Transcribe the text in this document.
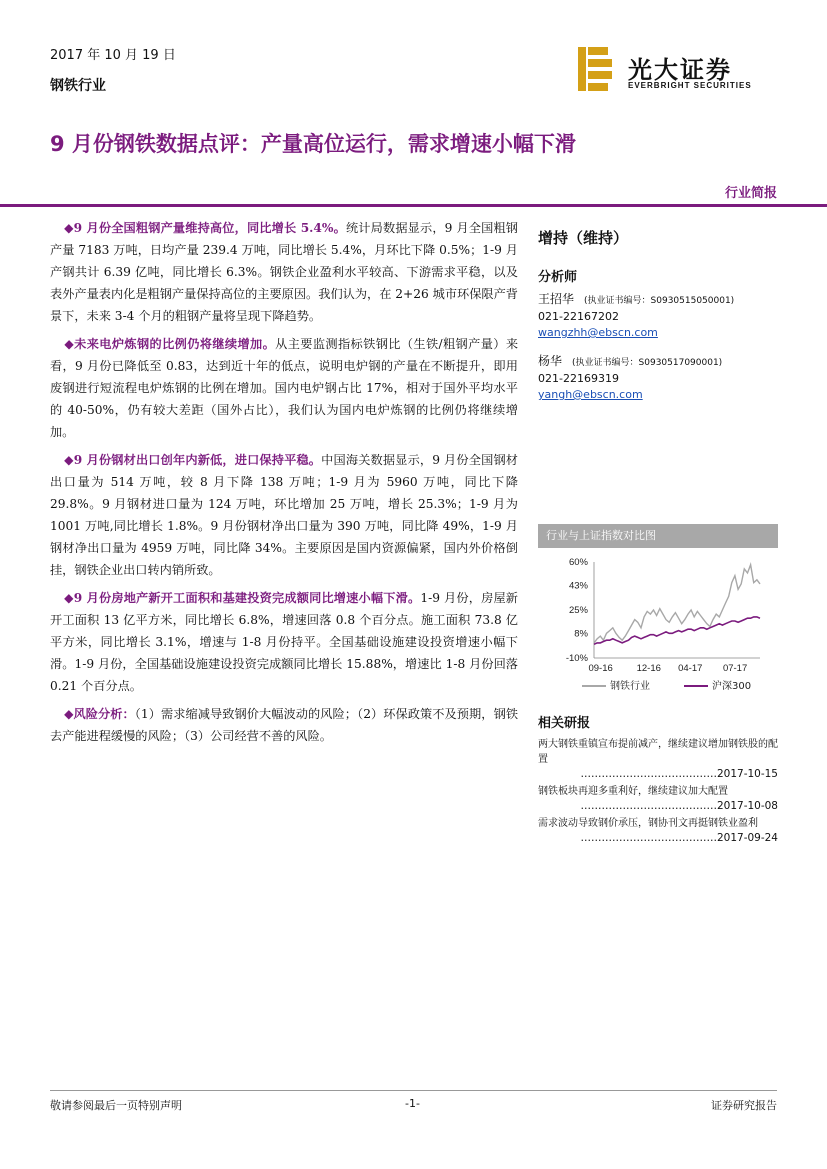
2017 年 10 月 19 日
钢铁行业
光大证券
EVERBRIGHT SECURITIES
9 月份钢铁数据点评：产量高位运行，需求增速小幅下滑
行业简报

◆9 月份全国粗钢产量维持高位，同比增长 5.4%。统计局数据显示，9 月全国粗钢产量 7183 万吨，日均产量 239.4 万吨，同比增长 5.4%，月环比下降 0.5%；1-9 月产钢共计 6.39 亿吨，同比增长 6.3%。钢铁企业盈利水平较高、下游需求平稳，以及表外产量表内化是粗钢产量保持高位的主要原因。我们认为，在 2+26 城市环保限产背景下，未来 3-4 个月的粗钢产量将呈现下降趋势。

◆未来电炉炼钢的比例仍将继续增加。从主要监测指标铁钢比（生铁/粗钢产量）来看，9 月份已降低至 0.83，达到近十年的低点，说明电炉钢的产量在不断提升，即用废钢进行短流程电炉炼钢的比例在增加。国内电炉钢占比 17%，相对于国外平均水平的 40-50%，仍有较大差距（国外占比），我们认为国内电炉炼钢的比例仍将继续增加。

◆9 月份钢材出口创年内新低，进口保持平稳。中国海关数据显示，9 月份全国钢材出口量为 514 万吨，较 8 月下降 138 万吨；1-9 月为 5960 万吨，同比下降 29.8%。9 月钢材进口量为 124 万吨，环比增加 25 万吨，增长 25.3%；1-9 月为 1001 万吨,同比增长 1.8%。9 月份钢材净出口量为 390 万吨，同比降 49%，1-9 月钢材净出口量为 4959 万吨，同比降 34%。主要原因是国内资源偏紧，国内外价格倒挂，钢铁企业出口转内销所致。

◆9 月份房地产新开工面积和基建投资完成额同比增速小幅下滑。1-9 月份，房屋新开工面积 13 亿平方米，同比增长 6.8%，增速回落 0.8 个百分点。施工面积 73.8 亿平方米，同比增长 3.1%，增速与 1-8 月份持平。全国基础设施建设投资增速小幅下滑。1-9 月份，全国基础设施建设投资完成额同比增长 15.88%，增速比 1-8 月份回落 0.21 个百分点。

◆风险分析：（1）需求缩减导致钢价大幅波动的风险；（2）环保政策不及预期，钢铁去产能进程缓慢的风险；（3）公司经营不善的风险。

增持（维持）
分析师
王招华 (执业证书编号：S0930515050001)
021-22167202
wangzhh@ebscn.com
杨华 (执业证书编号：S0930517090001)
021-22169319
yangh@ebscn.com
行业与上证指数对比图
60%
43%
25%
8%
-10%
09-16	12-16 04-17 07-17
钢铁行业	沪深300
相关研报
两大钢铁重镇宣布提前减产，继续建议增加钢铁股的配置
…………………………………2017-10-15
钢铁板块再迎多重利好，继续建议加大配置
…………………………………2017-10-08
需求波动导致钢价承压，钢协刊文再挺钢铁业盈利
…………………………………2017-09-24
敬请参阅最后一页特别声明	-1-	证券研究报告
